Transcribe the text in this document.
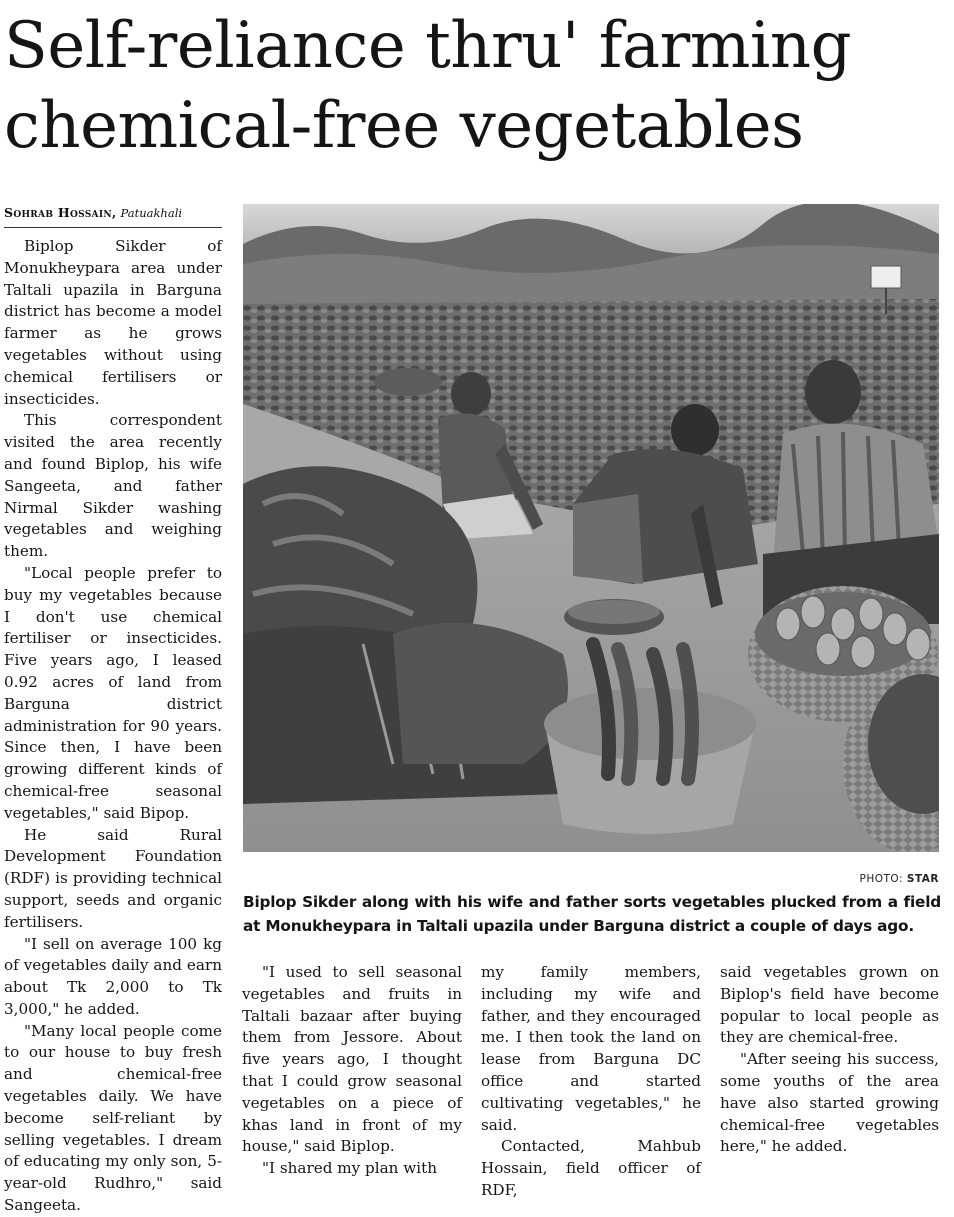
Self-reliance thru' farming chemical-free vegetables
Sohrab Hossain, Patuakhali

Biplop Sikder of Monukheypara area under Taltali upazila in Barguna district has become a model farmer as he grows vegetables without using chemical fertilisers or insecticides.

This correspondent visited the area recently and found Biplop, his wife Sangeeta, and father Nirmal Sikder washing vegetables and weighing them.

"Local people prefer to buy my vegetables because I don't use chemical fertiliser or insecticides. Five years ago, I leased 0.92 acres of land from Barguna district administration for 90 years. Since then, I have been growing different kinds of chemical-free seasonal vegetables," said Bipop.

He said Rural Development Foundation (RDF) is providing technical support, seeds and organic fertilisers.

"I sell on average 100 kg of vegetables daily and earn about Tk 2,000 to Tk 3,000," he added.

"Many local people come to our house to buy fresh and chemical-free vegetables daily. We have become self-reliant by selling vegetables. I dream of educating my only son, 5-year-old Rudhro," said Sangeeta.

PHOTO: STAR
Biplop Sikder along with his wife and father sorts vegetables plucked from a field at Monukheypara in Taltali upazila under Barguna district a couple of days ago.

"I used to sell seasonal vegetables and fruits in Taltali bazaar after buying them from Jessore. About five years ago, I thought that I could grow seasonal vegetables on a piece of khas land in front of my house," said Biplop.

"I shared my plan with

my family members, including my wife and father, and they encouraged me. I then took the land on lease from Barguna DC office and started cultivating vegetables," he said.

Contacted, Mahbub Hossain, field officer of RDF,

said vegetables grown on Biplop's field have become popular to local people as they are chemical-free.

"After seeing his success, some youths of the area have also started growing chemical-free vegetables here," he added.
